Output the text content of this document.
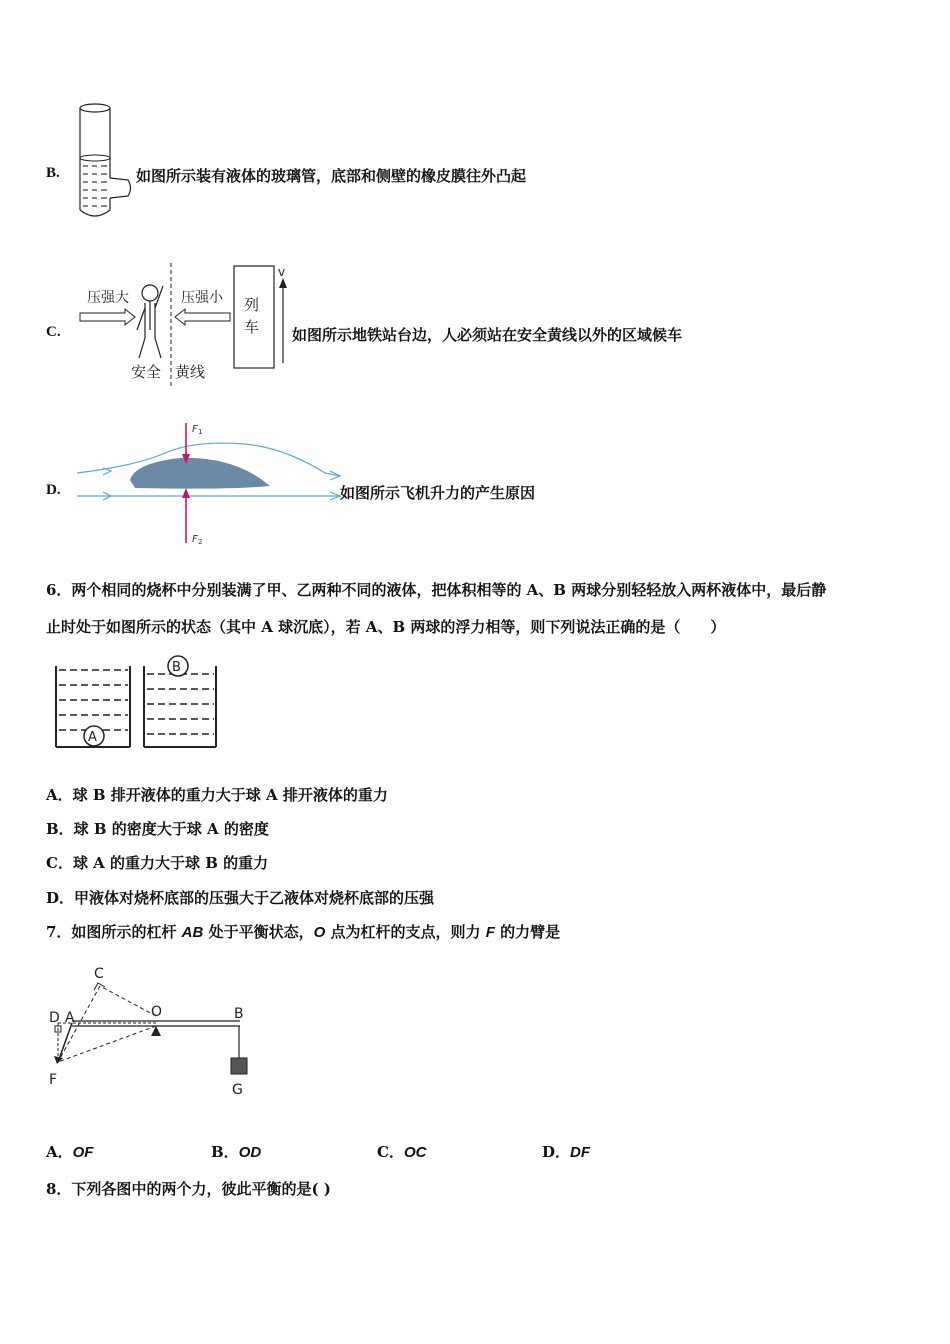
B.	如图所示装有液体的玻璃管，底部和侧壁的橡皮膜往外凸起
C.
压强大	压强小 列
车
v
安全 黄线
如图所示地铁站台边，人必须站在安全黄线以外的区域候车
D.
F 1
F 2
如图所示飞机升力的产生原因
6．两个相同的烧杯中分别装满了甲、乙两种不同的液体，把体积相等的 A、B 两球分别轻轻放入两杯液体中，最后静
止时处于如图所示的状态（其中 A 球沉底），若 A、B 两球的浮力相等，则下列说法正确的是（　　）
A
B
A．球 B 排开液体的重力大于球 A 排开液体的重力
B．球 B 的密度大于球 A 的密度
C．球 A 的重力大于球 B 的重力
D．甲液体对烧杯底部的压强大于乙液体对烧杯底部的压强
7．如图所示的杠杆 AB 处于平衡状态，O 点为杠杆的支点，则力 F 的力臂是
C
D A	O	B
F
G
A．OF	B．OD	C．OC	D．DF
8．下列各图中的两个力，彼此平衡的是( )
